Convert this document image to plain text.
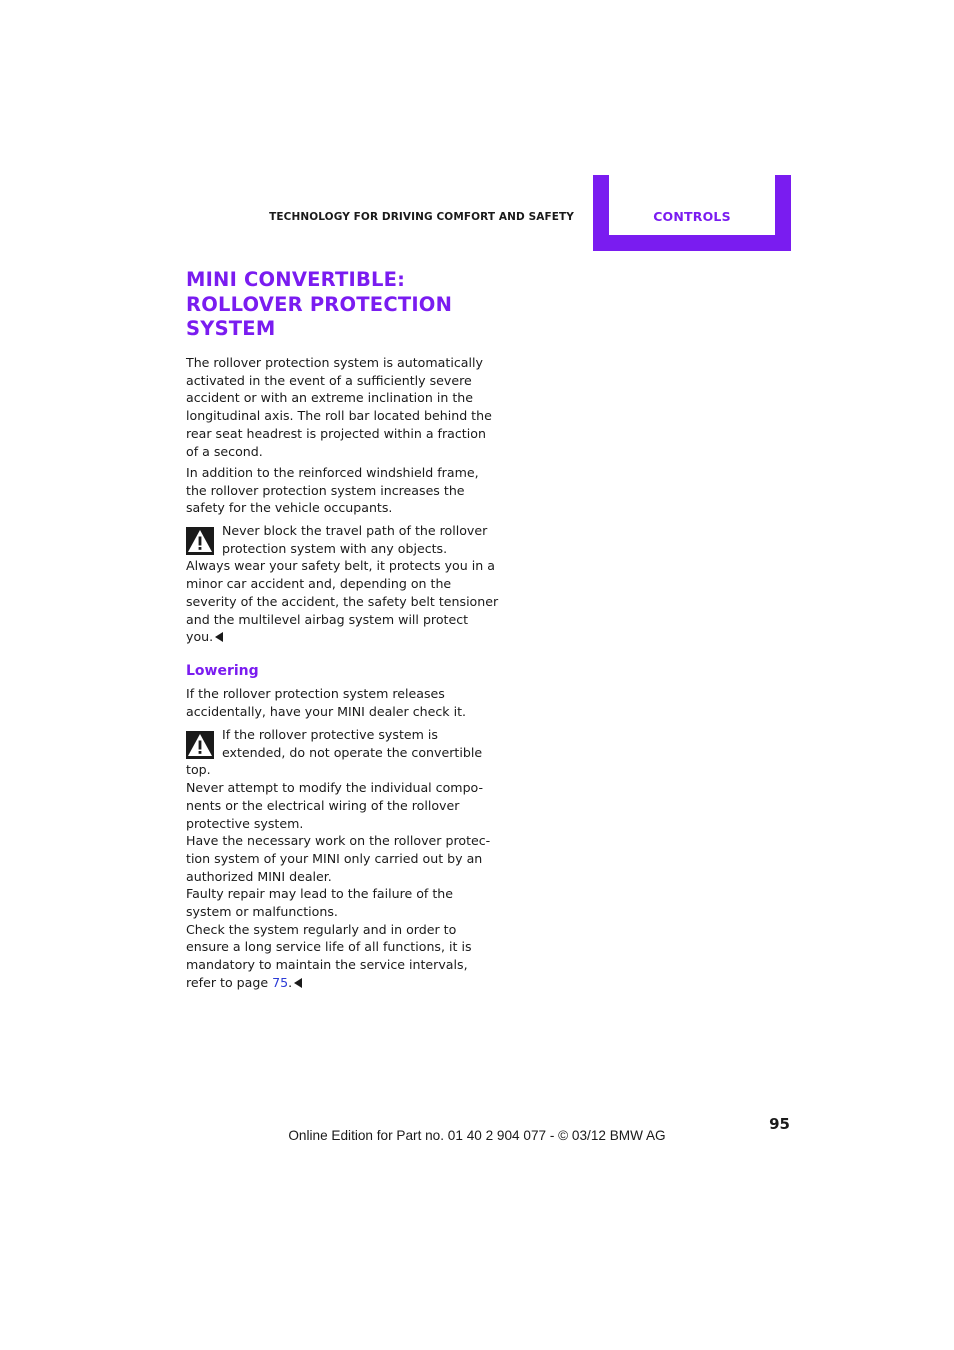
TECHNOLOGY FOR DRIVING COMFORT AND SAFETY	CONTROLS
MINI CONVERTIBLE:
ROLLOVER PROTECTION
SYSTEM
The rollover protection system is automatically
activated in the event of a sufficiently severe
accident or with an extreme inclination in the
longitudinal axis. The roll bar located behind the
rear seat headrest is projected within a fraction
of a second.
In addition to the reinforced windshield frame,
the rollover protection system increases the
safety for the vehicle occupants.
Never block the travel path of the rollover
protection system with any objects.
Always wear your safety belt, it protects you in a
minor car accident and, depending on the
severity of the accident, the safety belt tensioner
and the multilevel airbag system will protect
you.
Lowering
If the rollover protection system releases
accidentally, have your MINI dealer check it.
If the rollover protective system is
extended, do not operate the convertible
top.
Never attempt to modify the individual compo-
nents or the electrical wiring of the rollover
protective system.
Have the necessary work on the rollover protec-
tion system of your MINI only carried out by an
authorized MINI dealer.
Faulty repair may lead to the failure of the
system or malfunctions.
Check the system regularly and in order to
ensure a long service life of all functions, it is
mandatory to maintain the service intervals,
refer to page 75.
95
Online Edition for Part no. 01 40 2 904 077 - © 03/12 BMW AG
